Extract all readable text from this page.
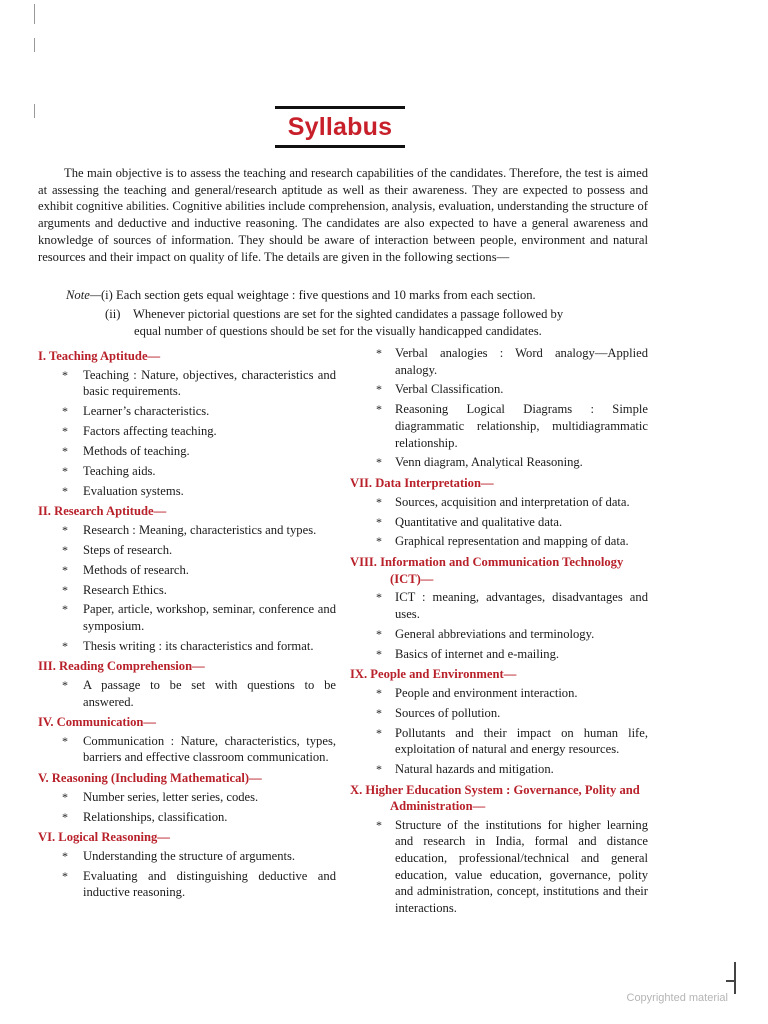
Syllabus

The main objective is to assess the teaching and research capabilities of the candidates. Therefore, the test is aimed at assessing the teaching and general/research aptitude as well as their awareness. They are expected to possess and exhibit cognitive abilities. Cognitive abilities include comprehension, analysis, evaluation, understanding the structure of arguments and deductive and inductive reasoning. The candidates are also expected to have a general awareness and knowledge of sources of information. They should be aware of interaction between people, environment and natural resources and their impact on quality of life. The details are given in the following sections—

Note—(i) Each section gets equal weightage : five questions and 10 marks from each section.
(ii) Whenever pictorial questions are set for the sighted candidates a passage followed by
equal number of questions should be set for the visually handicapped candidates.
I. Teaching Aptitude—
* Teaching : Nature, objectives, characteristics and basic requirements.
* Learner’s characteristics.
* Factors affecting teaching.
* Methods of teaching.
* Teaching aids.
* Evaluation systems.
II. Research Aptitude—
* Research : Meaning, characteristics and types.
* Steps of research.
* Methods of research.
* Research Ethics.
* Paper, article, workshop, seminar, conference and symposium.
* Thesis writing : its characteristics and format.
III. Reading Comprehension—
* A passage to be set with questions to be answered.
IV. Communication—
* Communication : Nature, characteristics, types, barriers and effective classroom communication.
V. Reasoning (Including Mathematical)—
* Number series, letter series, codes.
* Relationships, classification.
VI. Logical Reasoning—
* Understanding the structure of arguments.
* Evaluating and distinguishing deductive and inductive reasoning.
* Verbal analogies : Word analogy—Applied analogy.
* Verbal Classification.
* Reasoning Logical Diagrams : Simple diagrammatic relationship, multidiagrammatic relationship.
* Venn diagram, Analytical Reasoning.
VII. Data Interpretation—
* Sources, acquisition and interpretation of data.
* Quantitative and qualitative data.
* Graphical representation and mapping of data.
VIII. Information and Communication Technology (ICT)—
* ICT : meaning, advantages, disadvantages and uses.
* General abbreviations and terminology.
* Basics of internet and e-mailing.
IX. People and Environment—
* People and environment interaction.
* Sources of pollution.
* Pollutants and their impact on human life, exploitation of natural and energy resources.
* Natural hazards and mitigation.
X. Higher Education System : Governance, Polity and Administration—
* Structure of the institutions for higher learning and research in India, formal and distance education, professional/technical and general education, value education, governance, polity and administration, concept, institutions and their interactions.
Copyrighted material
